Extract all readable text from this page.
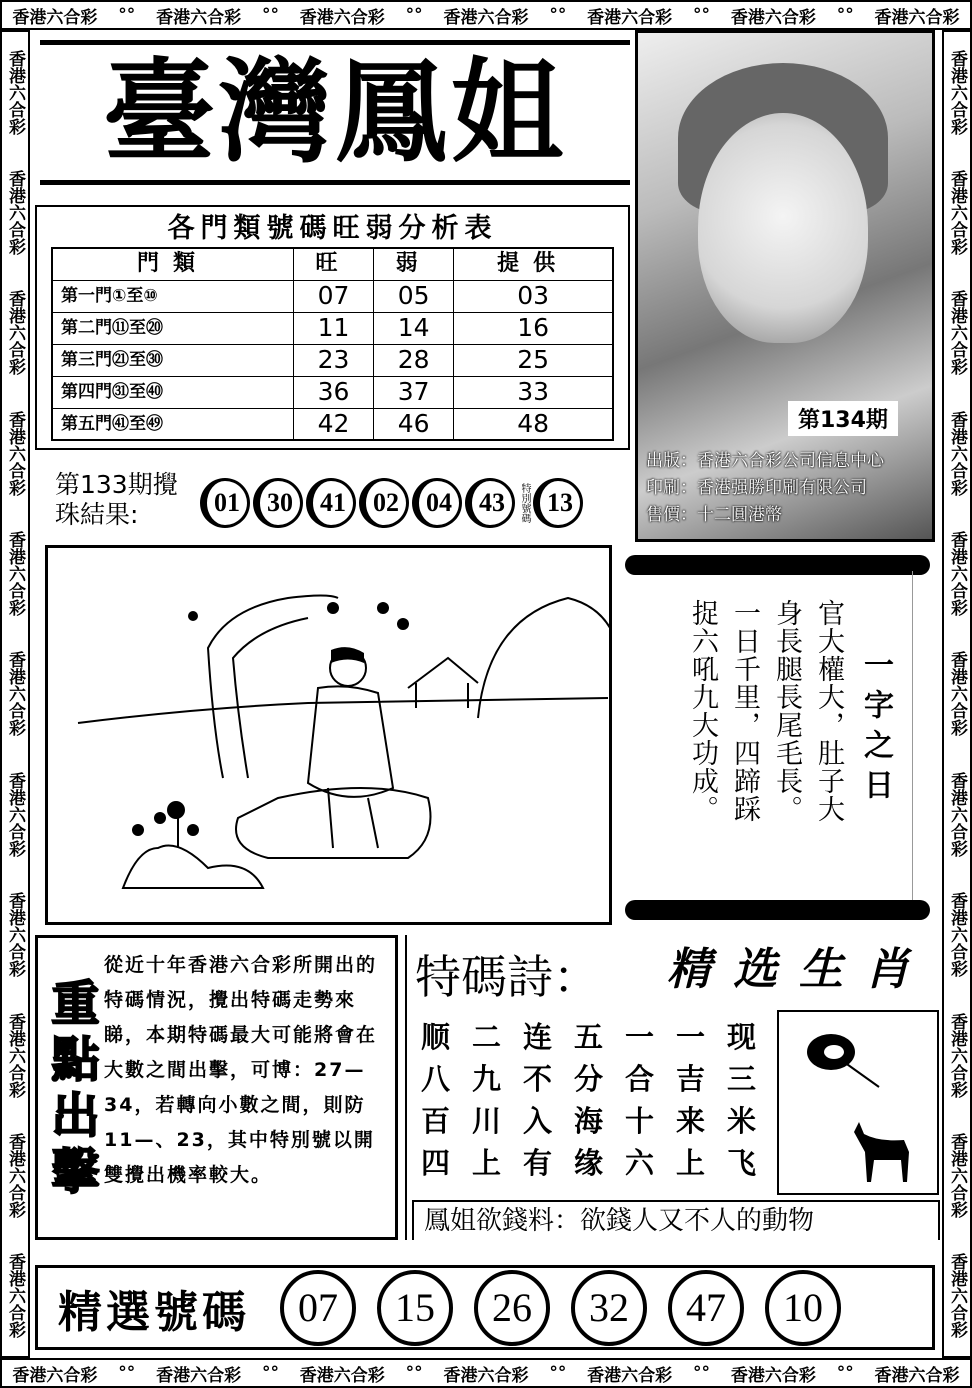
香港六合彩 °° 香港六合彩 °° 香港六合彩 °° 香港六合彩 °° 香港六合彩 °° 香港六合彩 °° 香港六合彩
香港六合彩 °° 香港六合彩 °° 香港六合彩 °° 香港六合彩 °° 香港六合彩 °° 香港六合彩 °° 香港六合彩
香港六合彩
香港六合彩
香港六合彩
香港六合彩
香港六合彩
香港六合彩
香港六合彩
香港六合彩
香港六合彩
香港六合彩
香港六合彩
香港六合彩
香港六合彩
香港六合彩
香港六合彩
香港六合彩
香港六合彩
香港六合彩
香港六合彩
香港六合彩
香港六合彩
香港六合彩
臺灣鳳姐
第134期
出版：香港六合彩公司信息中心
印刷：香港强勝印刷有限公司
售價：十二圓港幣
各門類號碼旺弱分析表
門類	旺	弱	提供
第一門①至⑩	07	05	03
第二門⑪至⑳	11	14	16
第三門㉑至㉚	23	28	25
第四門㉛至㊵	36	37	33
第五門㊶至㊾	42	46	48
第133期攪
珠結果:	01	30	41	02	04	43	特別號碼 13
一字之日
官大權大，肚子大
身長腿長尾毛長。
一日千里，四蹄踩
捉六吼九大功成。
重點出擊
從近十年香港六合彩所開出的特碼情況，攪出特碼走勢來睇，本期特碼最大可能將會在大數之間出擊，可博：27—34，若轉向小數之間，則防11—、23，其中特別號以開雙攪出機率較大。
特碼詩： 精选生肖
顺 二 连 五 一 一 现
八 九 不 分 合 吉 三
百 川 入 海 十 来 米
四 上 有 缘 六 上 飞
鳳姐欲錢料：欲錢人又不人的動物
精選號碼	07	15	26	32	47	10
